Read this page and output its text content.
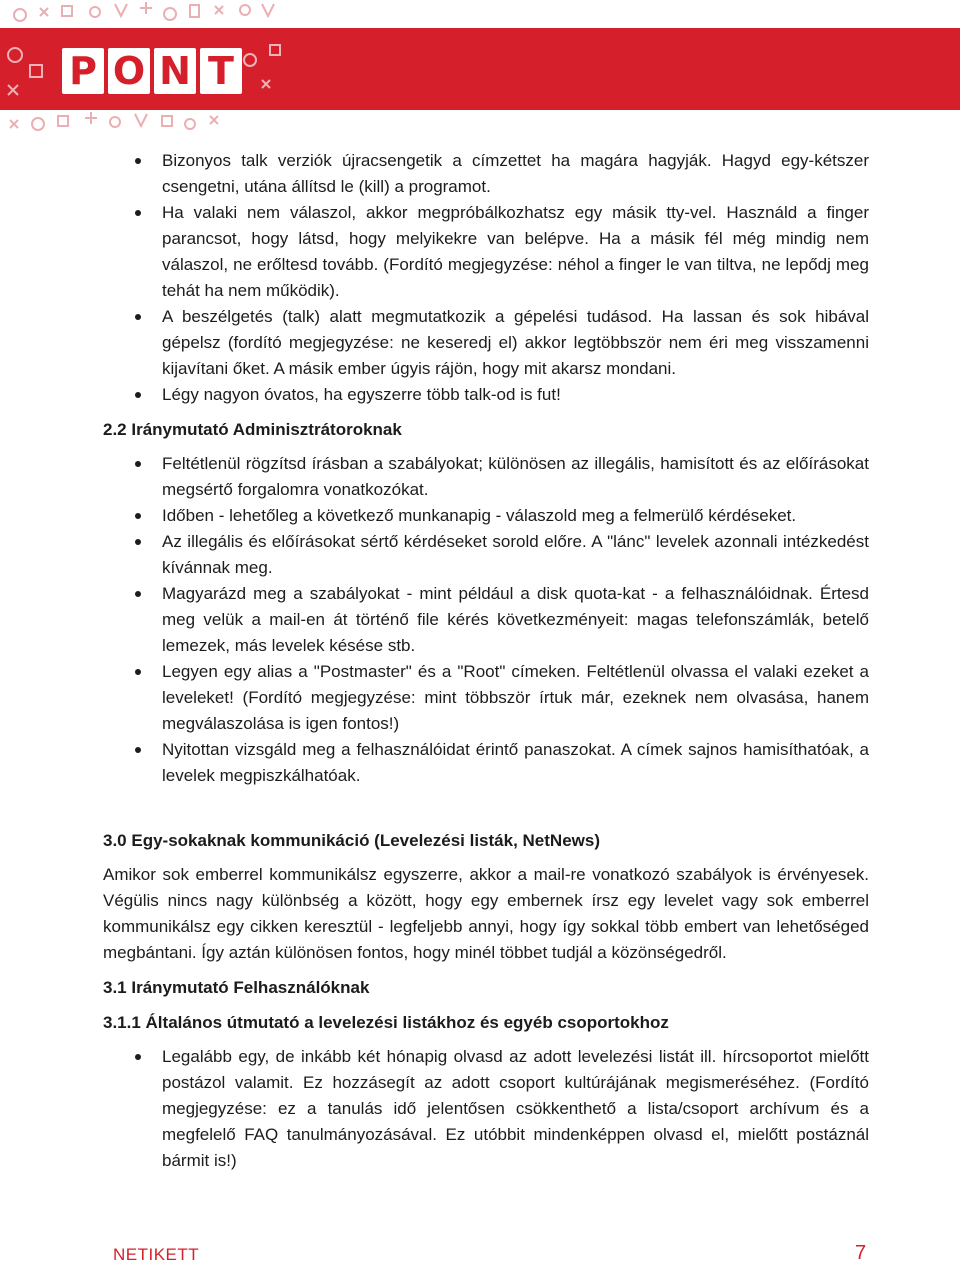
P O N T
Bizonyos talk verziók újracsengetik a címzettet ha magára hagyják. Hagyd egy-kétszer csengetni, utána állítsd le (kill) a programot.
Ha valaki nem válaszol, akkor megpróbálkozhatsz egy másik tty-vel. Használd a finger parancsot, hogy látsd, hogy melyikekre van belépve. Ha a másik fél még mindig nem válaszol, ne erőltesd tovább. (Fordító megjegyzése: néhol a finger le van tiltva, ne lepődj meg tehát ha nem működik).
A beszélgetés (talk) alatt megmutatkozik a gépelési tudásod. Ha lassan és sok hibával gépelsz (fordító megjegyzése: ne keseredj el) akkor legtöbbször nem éri meg visszamenni kijavítani őket. A másik ember úgyis rájön, hogy mit akarsz mondani.
Légy nagyon óvatos, ha egyszerre több talk-od is fut!
2.2 Iránymutató Adminisztrátoroknak
Feltétlenül rögzítsd írásban a szabályokat; különösen az illegális, hamisított és az előírásokat megsértő forgalomra vonatkozókat.
Időben - lehetőleg a következő munkanapig - válaszold meg a felmerülő kérdéseket.
Az illegális és előírásokat sértő kérdéseket sorold előre. A "lánc" levelek azonnali intézkedést kívánnak meg.
Magyarázd meg a szabályokat - mint például a disk quota-kat - a felhasználóidnak. Értesd meg velük a mail-en át történő file kérés következményeit: magas telefonszámlák, betelő lemezek, más levelek késése stb.
Legyen egy alias a "Postmaster" és a "Root" címeken. Feltétlenül olvassa el valaki ezeket a leveleket! (Fordító megjegyzése: mint többször írtuk már, ezeknek nem olvasása, hanem megválaszolása is igen fontos!)
Nyitottan vizsgáld meg a felhasználóidat érintő panaszokat. A címek sajnos hamisíthatóak, a levelek megpiszkálhatóak.
3.0 Egy-sokaknak kommunikáció (Levelezési listák, NetNews)

Amikor sok emberrel kommunikálsz egyszerre, akkor a mail-re vonatkozó szabályok is érvényesek. Végülis nincs nagy különbség a között, hogy egy embernek írsz egy levelet vagy sok emberrel kommunikálsz egy cikken keresztül - legfeljebb annyi, hogy így sokkal több embert van lehetőséged megbántani. Így aztán különösen fontos, hogy minél többet tudjál a közönségedről.

3.1 Iránymutató Felhasználóknak
3.1.1 Általános útmutató a levelezési listákhoz és egyéb csoportokhoz
Legalább egy, de inkább két hónapig olvasd az adott levelezési listát ill. hírcsoportot mielőtt postázol valamit. Ez hozzásegít az adott csoport kultúrájának megismeréséhez. (Fordító megjegyzése: ez a tanulás idő jelentősen csökkenthető a lista/csoport archívum és a megfelelő FAQ tanulmányozásával. Ez utóbbit mindenképpen olvasd el, mielőtt postáznál bármit is!)
NETIKETT	7
